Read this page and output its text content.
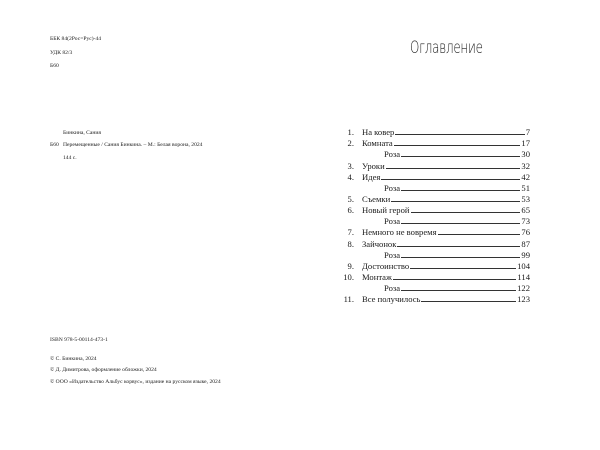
ББК 84(2Рос=Рус)-44
УДК 82/3
Б60
Бинкина, Сания
Б60 Перемещенные / Сания Бинкина. – М.: Белая ворона, 2024
144 с.
ISBN 978-5-00114-473-1
© С. Бинкина, 2024
© Д. Димитрова, оформление обложки, 2024
© ООО «Издательство Альбус корвус», издание на русском языке, 2024
Оглавление
1. На ковер	7
2. Комната	17
Роза	30
3. Уроки	32
4. Идея	42
Роза	51
5. Съемки	53
6. Новый герой	65
Роза	73
7. Немного не вовремя	76
8. Зайчонок	87
Роза	99
9. Достоинство	104
10. Монтаж	114
Роза	122
11. Все получилось	123
